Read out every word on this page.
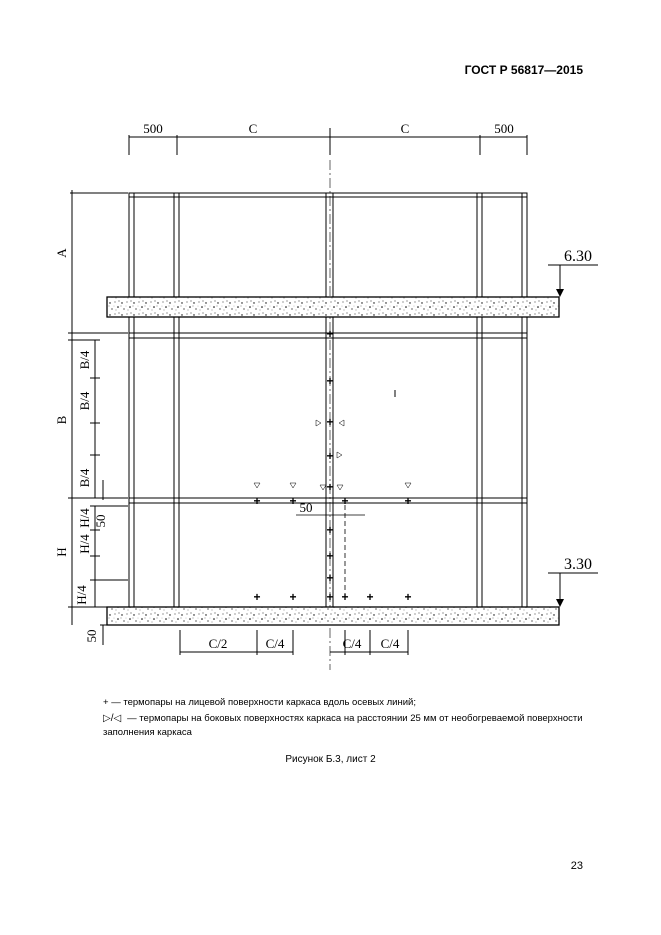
ГОСТ Р 56817—2015
500	C	C	500
A
B/4
B/4
B
B/4
H/4
H/4
H
H/4
50
50
50
6.30
3.30
+
+
+
+
+
+ +	+	+
+
+
+
+
+ +	+ +	+
C/2	C/4	C/4 C/4
+ — термопары на лицевой поверхности каркаса вдоль осевых линий;
▷/◁ — термопары на боковых поверхностях каркаса на расстоянии 25 мм от необогреваемой поверхности заполнения каркаса
Рисунок Б.3, лист 2
23
